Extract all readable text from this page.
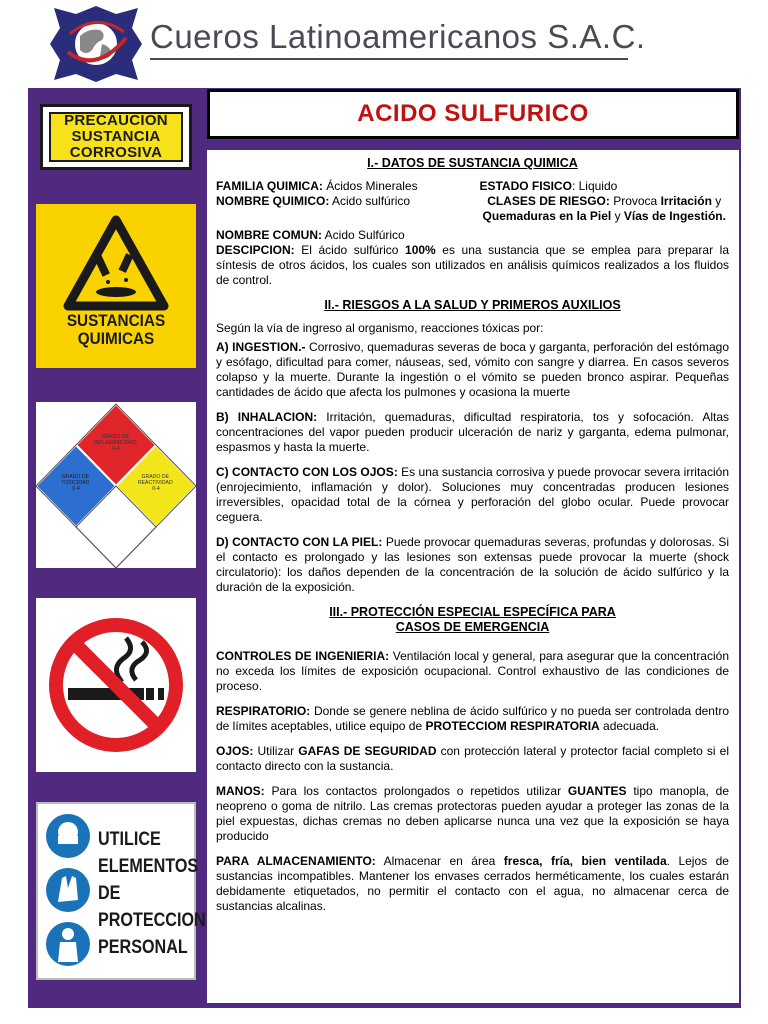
Cueros Latinoamericanos S.A.C.
PRECAUCION
SUSTANCIA
CORROSIVA
SUSTANCIAS
QUIMICAS
GRADO DE INFLAMABILIDAD 0-4
GRADO DE TOXICIDAD 0-4
GRADO DE REACTIVIDAD 0-4
UTILICE
ELEMENTOS
DE
PROTECCION
PERSONAL
ACIDO SULFURICO
I.- DATOS DE SUSTANCIA QUIMICA
FAMILIA QUIMICA: Ácidos Minerales
NOMBRE QUIMICO: Acido sulfúrico
ESTADO FISICO: Liquido
CLASES DE RIESGO: Provoca Irritación y Quemaduras en la Piel y Vías de Ingestión.
NOMBRE COMUN: Acido Sulfúrico

DESCIPCION: El ácido sulfúrico 100% es una sustancia que se emplea para preparar la síntesis de otros ácidos, los cuales son utilizados en análisis químicos realizados a los fluidos de control.

II.- RIESGOS A LA SALUD Y PRIMEROS AUXILIOS

Según la vía de ingreso al organismo, reacciones tóxicas por:

A) INGESTION.- Corrosivo, quemaduras severas de boca y garganta, perforación del estómago y esófago, dificultad para comer, náuseas, sed, vómito con sangre y diarrea. En casos severos colapso y la muerte. Durante la ingestión o el vómito se pueden bronco aspirar. Pequeñas cantidades de ácido que afecta los pulmones y ocasiona la muerte

B) INHALACION: Irritación, quemaduras, dificultad respiratoria, tos y sofocación. Altas concentraciones del vapor pueden producir ulceración de nariz y garganta, edema pulmonar, espasmos y hasta la muerte.

C) CONTACTO CON LOS OJOS: Es una sustancia corrosiva y puede provocar severa irritación (enrojecimiento, inflamación y dolor). Soluciones muy concentradas producen lesiones irreversibles, opacidad total de la córnea y perforación del globo ocular. Puede provocar ceguera.

D) CONTACTO CON LA PIEL: Puede provocar quemaduras severas, profundas y dolorosas. Si el contacto es prolongado y las lesiones son extensas puede provocar la muerte (shock circulatorio): los daños dependen de la concentración de la solución de ácido sulfúrico y la duración de la exposición.

III.- PROTECCIÓN ESPECIAL ESPECÍFICA PARA
CASOS DE EMERGENCIA

CONTROLES DE INGENIERIA: Ventilación local y general, para asegurar que la concentración no exceda los límites de exposición ocupacional. Control exhaustivo de las condiciones de proceso.

RESPIRATORIO: Donde se genere neblina de ácido sulfúrico y no pueda ser controlada dentro de límites aceptables, utilice equipo de PROTECCIOM RESPIRATORIA adecuada.

OJOS: Utilizar GAFAS DE SEGURIDAD con protección lateral y protector facial completo si el contacto directo con la sustancia.

MANOS: Para los contactos prolongados o repetidos utilizar GUANTES tipo manopla, de neopreno o goma de nitrilo. Las cremas protectoras pueden ayudar a proteger las zonas de la piel expuestas, dichas cremas no deben aplicarse nunca una vez que la exposición se haya producido

PARA ALMACENAMIENTO: Almacenar en área fresca, fría, bien ventilada. Lejos de sustancias incompatibles. Mantener los envases cerrados herméticamente, los cuales estarán debidamente etiquetados, no permitir el contacto con el agua, no almacenar cerca de sustancias alcalinas.
